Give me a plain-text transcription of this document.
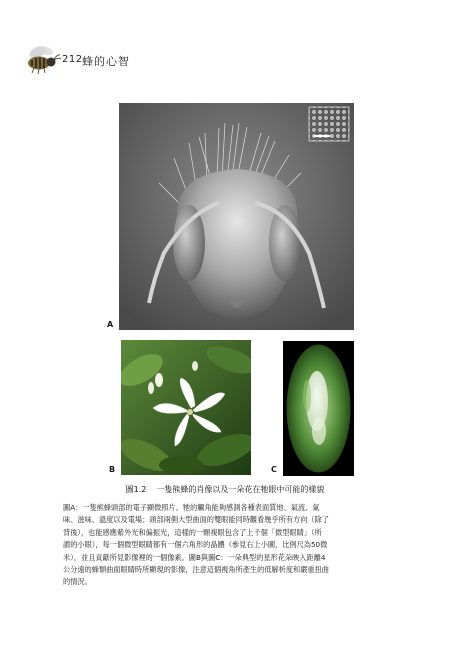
212 蜂的心智
A
B	C
圖1.2 一隻熊蜂的肖像以及一朵花在牠眼中可能的樣貌
圖A：一隻熊蜂頭部的電子顯微照片。牠的觸角能夠感測各種表面質地、氣流、氣
味、滋味、溫度以及電場；頭部兩側大型曲面的雙眼能同時觀看幾乎所有方向（除了
背後），也能感應紫外光和偏振光，這樣的一顆複眼包含了上千個「微型眼睛」（所
謂的小眼），每一個微型眼睛都有一個六角形的晶體（參見右上小圖，比例尺為50微
米），並且貢獻所見影像裡的一個像素。圖B與圖C：一朵典型的星形花朵映入距離4
公分遠的蜂類曲面眼睛時所顯現的影像，注意這個視角所產生的低解析度和嚴重扭曲
的情況。
